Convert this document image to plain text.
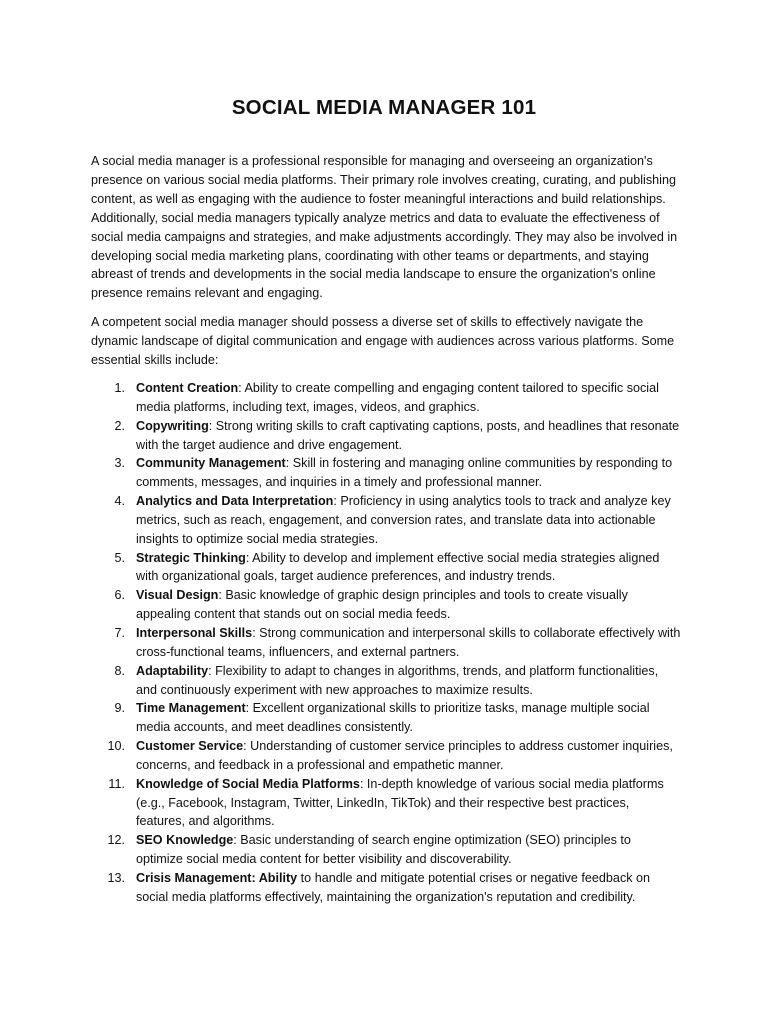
SOCIAL MEDIA MANAGER 101

A social media manager is a professional responsible for managing and overseeing an organization's presence on various social media platforms. Their primary role involves creating, curating, and publishing content, as well as engaging with the audience to foster meaningful interactions and build relationships. Additionally, social media managers typically analyze metrics and data to evaluate the effectiveness of social media campaigns and strategies, and make adjustments accordingly. They may also be involved in developing social media marketing plans, coordinating with other teams or departments, and staying abreast of trends and developments in the social media landscape to ensure the organization's online presence remains relevant and engaging.

A competent social media manager should possess a diverse set of skills to effectively navigate the dynamic landscape of digital communication and engage with audiences across various platforms. Some essential skills include:

1. Content Creation: Ability to create compelling and engaging content tailored to specific social media platforms, including text, images, videos, and graphics.
2. Copywriting: Strong writing skills to craft captivating captions, posts, and headlines that resonate with the target audience and drive engagement.
3. Community Management: Skill in fostering and managing online communities by responding to comments, messages, and inquiries in a timely and professional manner.
4. Analytics and Data Interpretation: Proficiency in using analytics tools to track and analyze key metrics, such as reach, engagement, and conversion rates, and translate data into actionable insights to optimize social media strategies.
5. Strategic Thinking: Ability to develop and implement effective social media strategies aligned with organizational goals, target audience preferences, and industry trends.
6. Visual Design: Basic knowledge of graphic design principles and tools to create visually appealing content that stands out on social media feeds.
7. Interpersonal Skills: Strong communication and interpersonal skills to collaborate effectively with cross-functional teams, influencers, and external partners.
8. Adaptability: Flexibility to adapt to changes in algorithms, trends, and platform functionalities, and continuously experiment with new approaches to maximize results.
9. Time Management: Excellent organizational skills to prioritize tasks, manage multiple social media accounts, and meet deadlines consistently.
10. Customer Service: Understanding of customer service principles to address customer inquiries, concerns, and feedback in a professional and empathetic manner.
11. Knowledge of Social Media Platforms: In-depth knowledge of various social media platforms (e.g., Facebook, Instagram, Twitter, LinkedIn, TikTok) and their respective best practices, features, and algorithms.
12. SEO Knowledge: Basic understanding of search engine optimization (SEO) principles to optimize social media content for better visibility and discoverability.
13. Crisis Management: Ability to handle and mitigate potential crises or negative feedback on social media platforms effectively, maintaining the organization's reputation and credibility.
